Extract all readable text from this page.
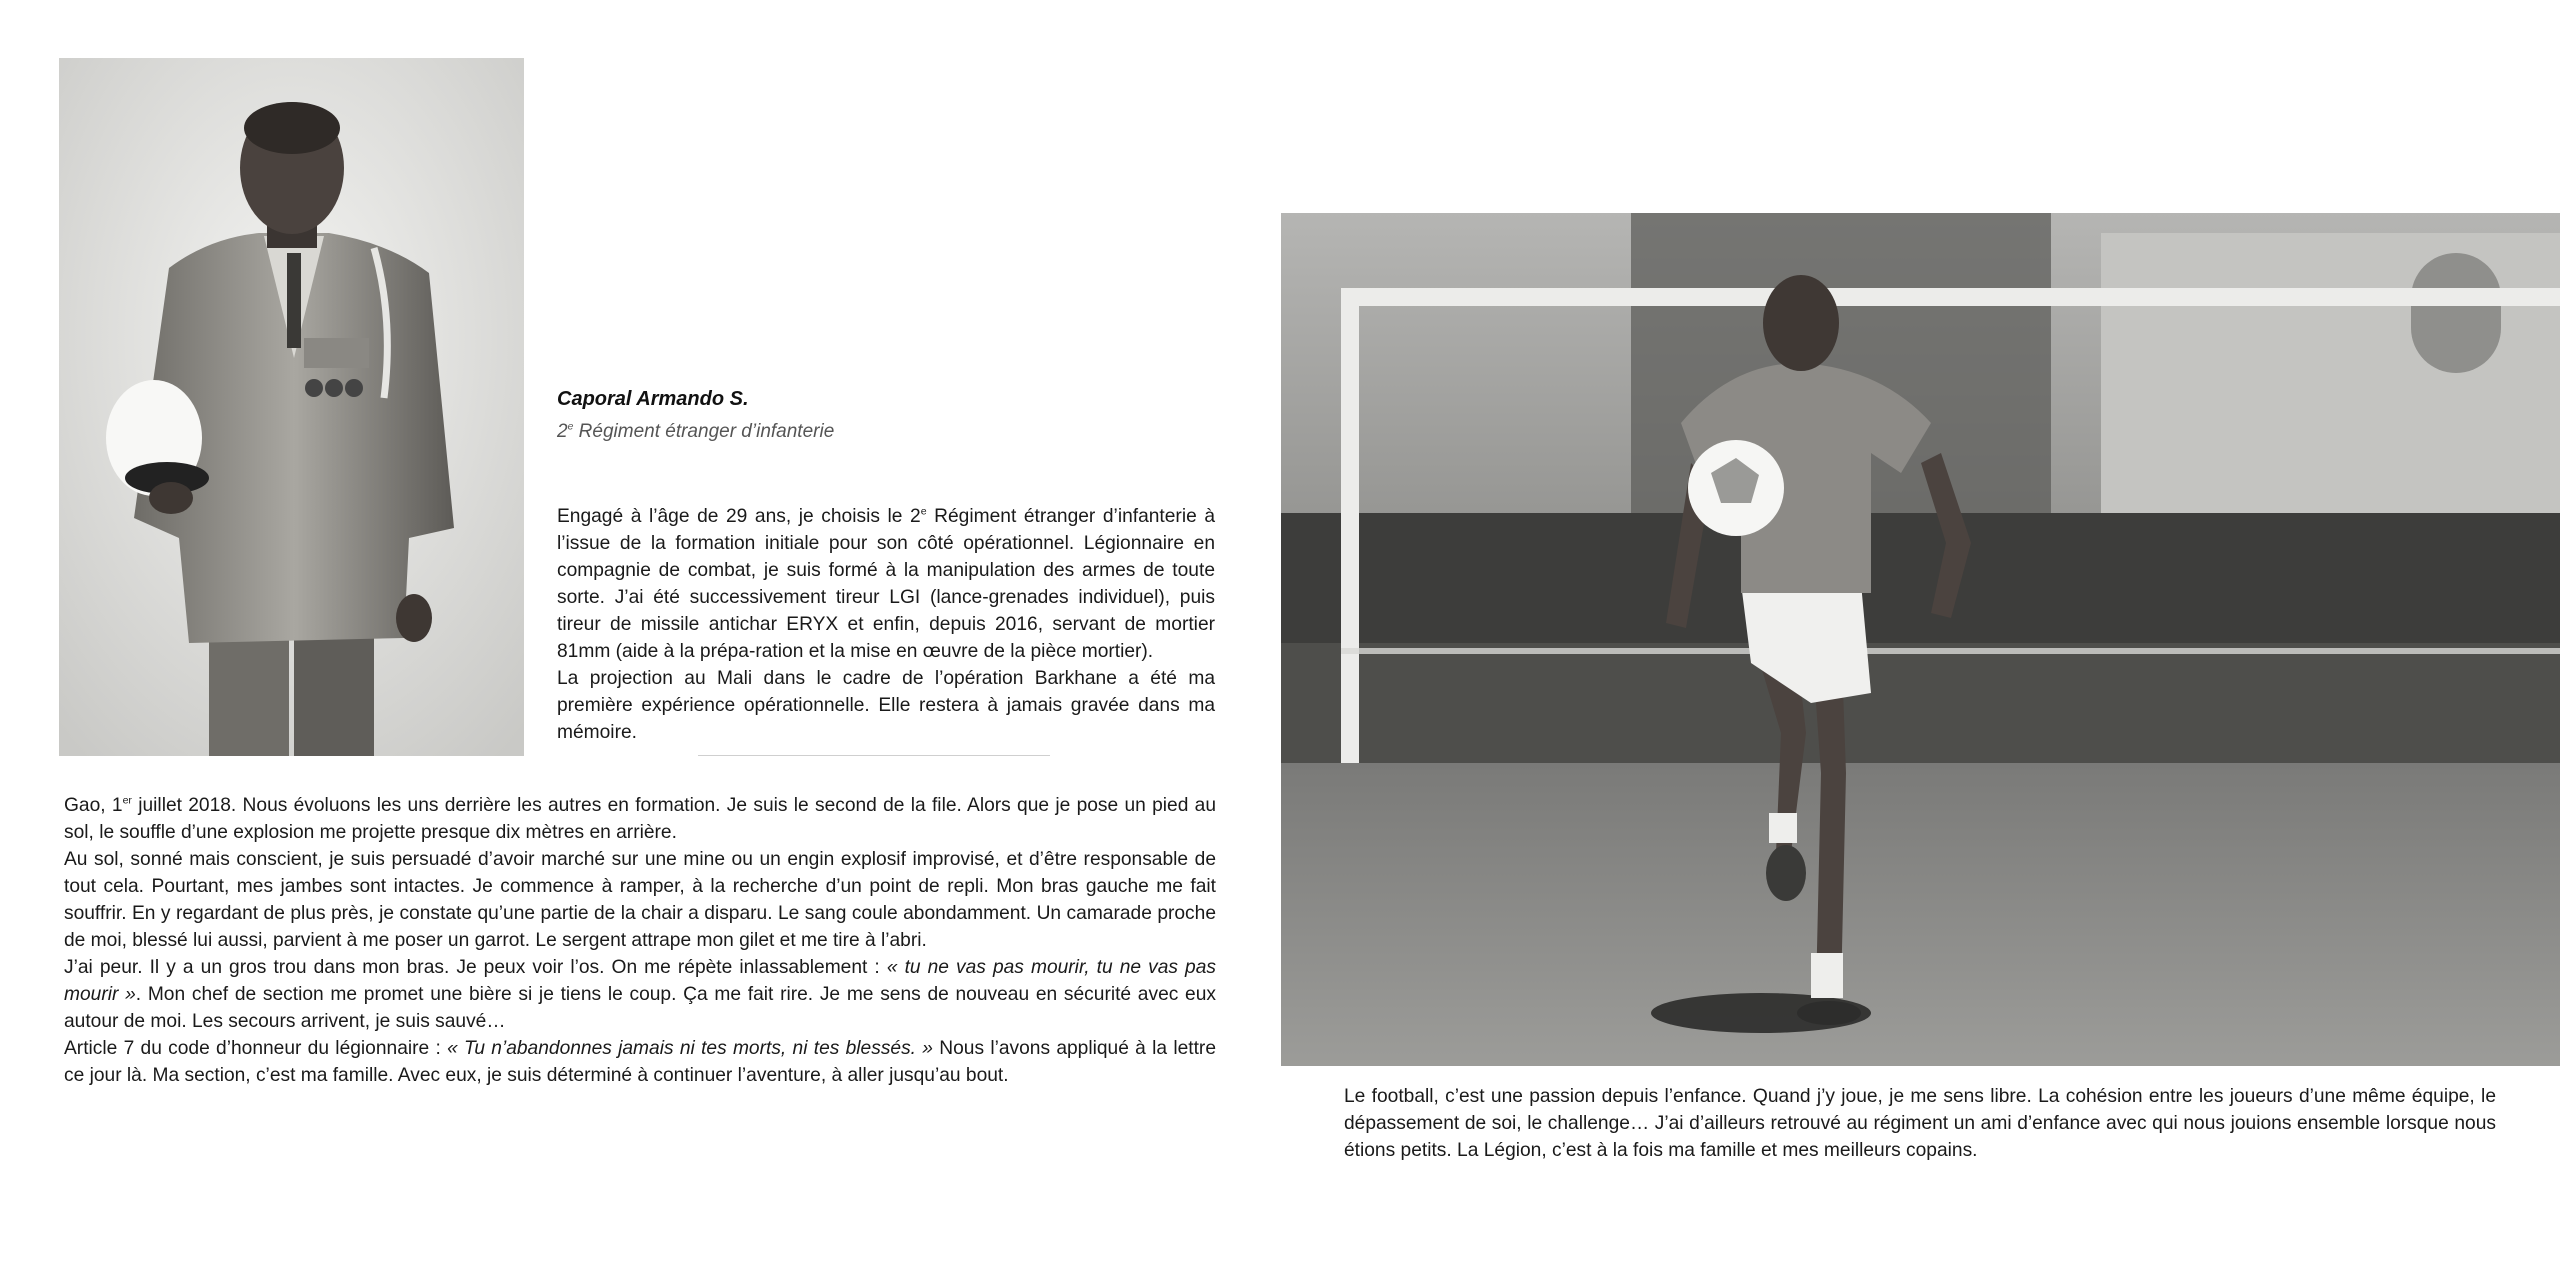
Caporal Armando S.
2e Régiment étranger d’infanterie

Engagé à l’âge de 29 ans, je choisis le 2e Régiment étranger d’infanterie à l’issue de la formation initiale pour son côté opérationnel. Légionnaire en compagnie de combat, je suis formé à la manipulation des armes de toute sorte. J’ai été successivement tireur LGI (lance-grenades individuel), puis tireur de missile antichar ERYX et enfin, depuis 2016, servant de mortier 81mm (aide à la prépa-ration et la mise en œuvre de la pièce mortier).

La projection au Mali dans le cadre de l’opération Barkhane a été ma première expérience opérationnelle. Elle restera à jamais gravée dans ma mémoire.

Gao, 1er juillet 2018. Nous évoluons les uns derrière les autres en formation. Je suis le second de la file. Alors que je pose un pied au sol, le souffle d’une explosion me projette presque dix mètres en arrière.

Au sol, sonné mais conscient, je suis persuadé d’avoir marché sur une mine ou un engin explosif improvisé, et d’être responsable de tout cela. Pourtant, mes jambes sont intactes. Je commence à ramper, à la recherche d’un point de repli. Mon bras gauche me fait souffrir. En y regardant de plus près, je constate qu’une partie de la chair a disparu. Le sang coule abondamment. Un camarade proche de moi, blessé lui aussi, parvient à me poser un garrot. Le sergent attrape mon gilet et me tire à l’abri.

J’ai peur. Il y a un gros trou dans mon bras. Je peux voir l’os. On me répète inlassablement : « tu ne vas pas mourir, tu ne vas pas mourir ». Mon chef de section me promet une bière si je tiens le coup. Ça me fait rire. Je me sens de nouveau en sécurité avec eux autour de moi. Les secours arrivent, je suis sauvé…

Article 7 du code d’honneur du légionnaire : « Tu n’abandonnes jamais ni tes morts, ni tes blessés. » Nous l’avons appliqué à la lettre ce jour là. Ma section, c’est ma famille. Avec eux, je suis déterminé à continuer l’aventure, à aller jusqu’au bout.

Le football, c’est une passion depuis l’enfance. Quand j’y joue, je me sens libre. La cohésion entre les joueurs d’une même équipe, le dépassement de soi, le challenge… J’ai d’ailleurs retrouvé au régiment un ami d’enfance avec qui nous jouions ensemble lorsque nous étions petits. La Légion, c’est à la fois ma famille et mes meilleurs copains.
